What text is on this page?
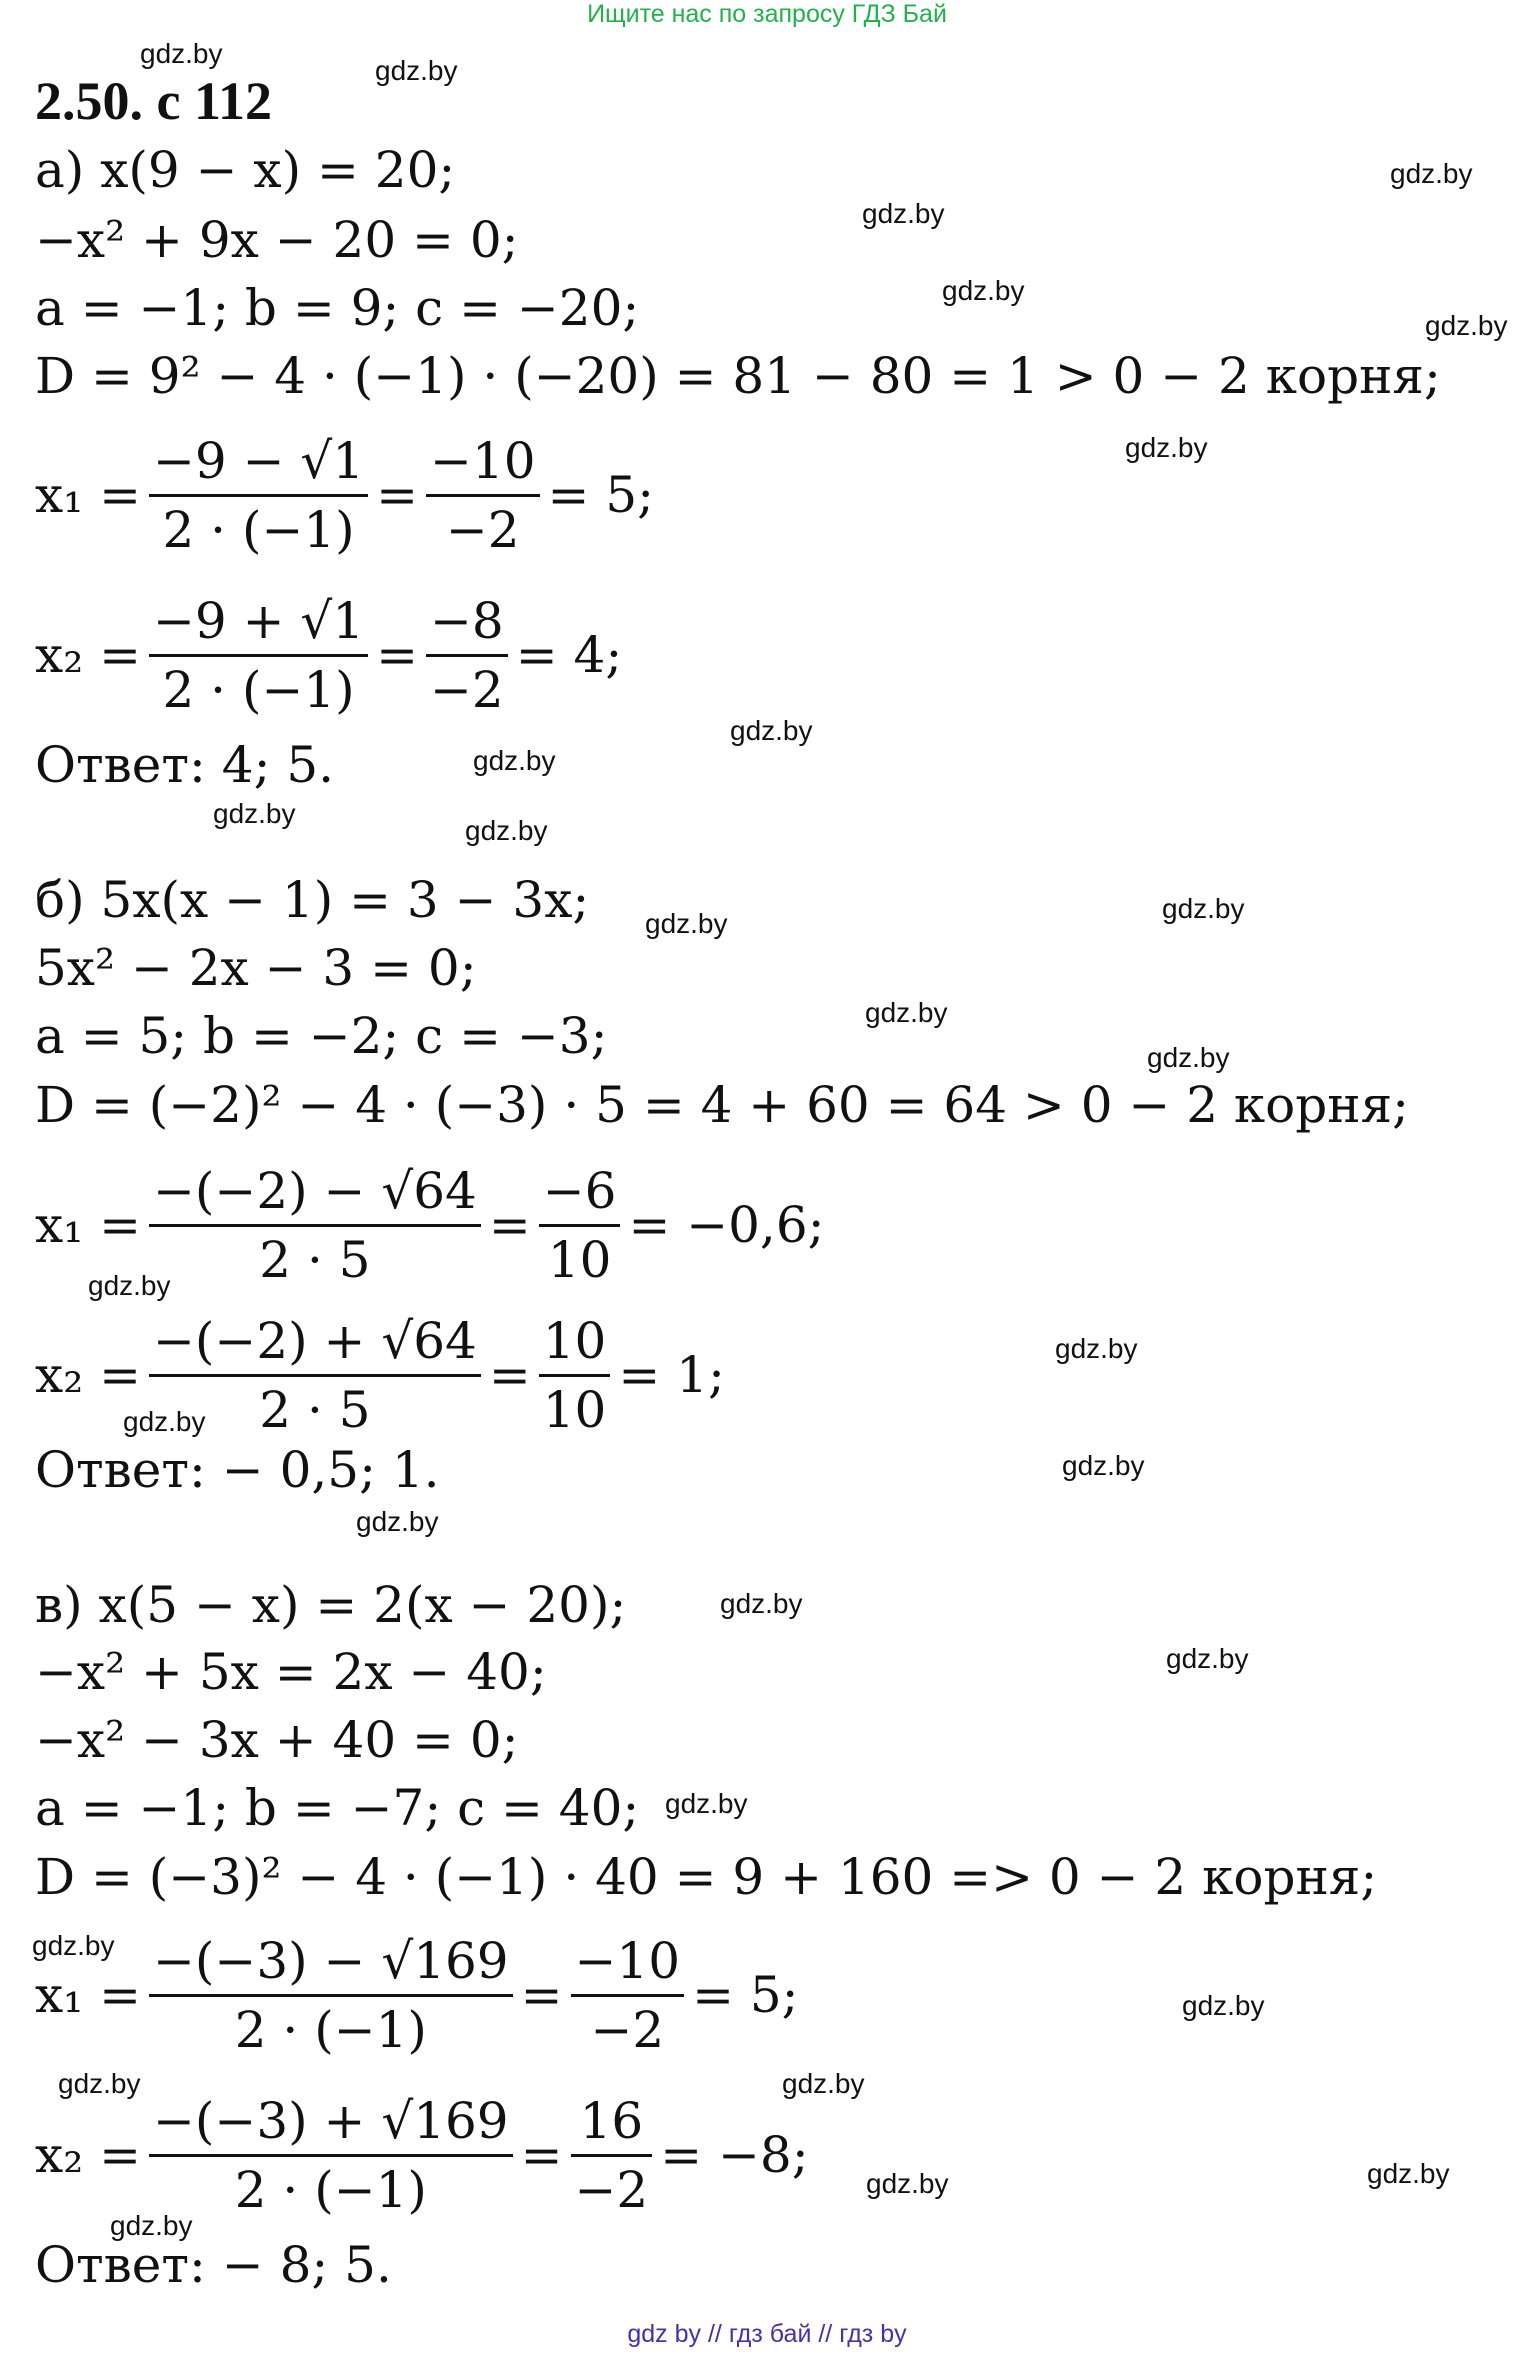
Ищите нас по запросу ГДЗ Бай
2.50. с 112
а) x(9 − x) = 20;
−x² + 9x − 20 = 0;
a = −1; b = 9; c = −20;
D = 9² − 4 · (−1) · (−20) = 81 − 80 = 1 > 0 − 2 корня;
$x_1 = \frac{-9 - √1}{2 \cdot (-1)} = \frac{-10}{-2} = 5$;
$x_2 = \frac{-9 + √1}{2 \cdot (-1)} = \frac{-8}{-2} = 4$;
Ответ: 4; 5.
б) 5x(x − 1) = 3 − 3x;
5x² − 2x − 3 = 0;
a = 5; b = −2; c = −3;
D = (−2)² − 4 · (−3) · 5 = 4 + 60 = 64 > 0 − 2 корня;
$x_1 = \frac{-(-2) - √64}{2 \cdot 5} = \frac{-6}{10} = -0,6$;
$x_2 = \frac{-(-2) + √64}{2 \cdot 5} = \frac{10}{10} = 1$;
Ответ: − 0,5; 1.
в) x(5 − x) = 2(x − 20);
−x² + 5x = 2x − 40;
−x² − 3x + 40 = 0;
a = −1; b = −7; c = 40;
D = (−3)² − 4 · (−1) · 40 = 9 + 160 => 0 − 2 корня;
$x_1 = \frac{-(-3) - √169}{2 \cdot (-1)} = \frac{-10}{-2} = 5$;
$x_2 = \frac{-(-3) + √169}{2 \cdot (-1)} = \frac{16}{-2} = -8$;
Ответ: − 8; 5.
gdz.by
gdz.by
gdz.by
gdz.by
gdz.by
gdz.by
gdz.by
gdz.by
gdz.by
gdz.by
gdz.by
gdz.by
gdz.by
gdz.by
gdz.by
gdz.by
gdz.by
gdz.by
gdz.by
gdz.by
gdz.by
gdz.by
gdz.by
gdz.by
gdz.by
gdz.by	gdz.by
gdz.by	gdz.by
gdz.by
gdz by // гдз бай // гдз by
